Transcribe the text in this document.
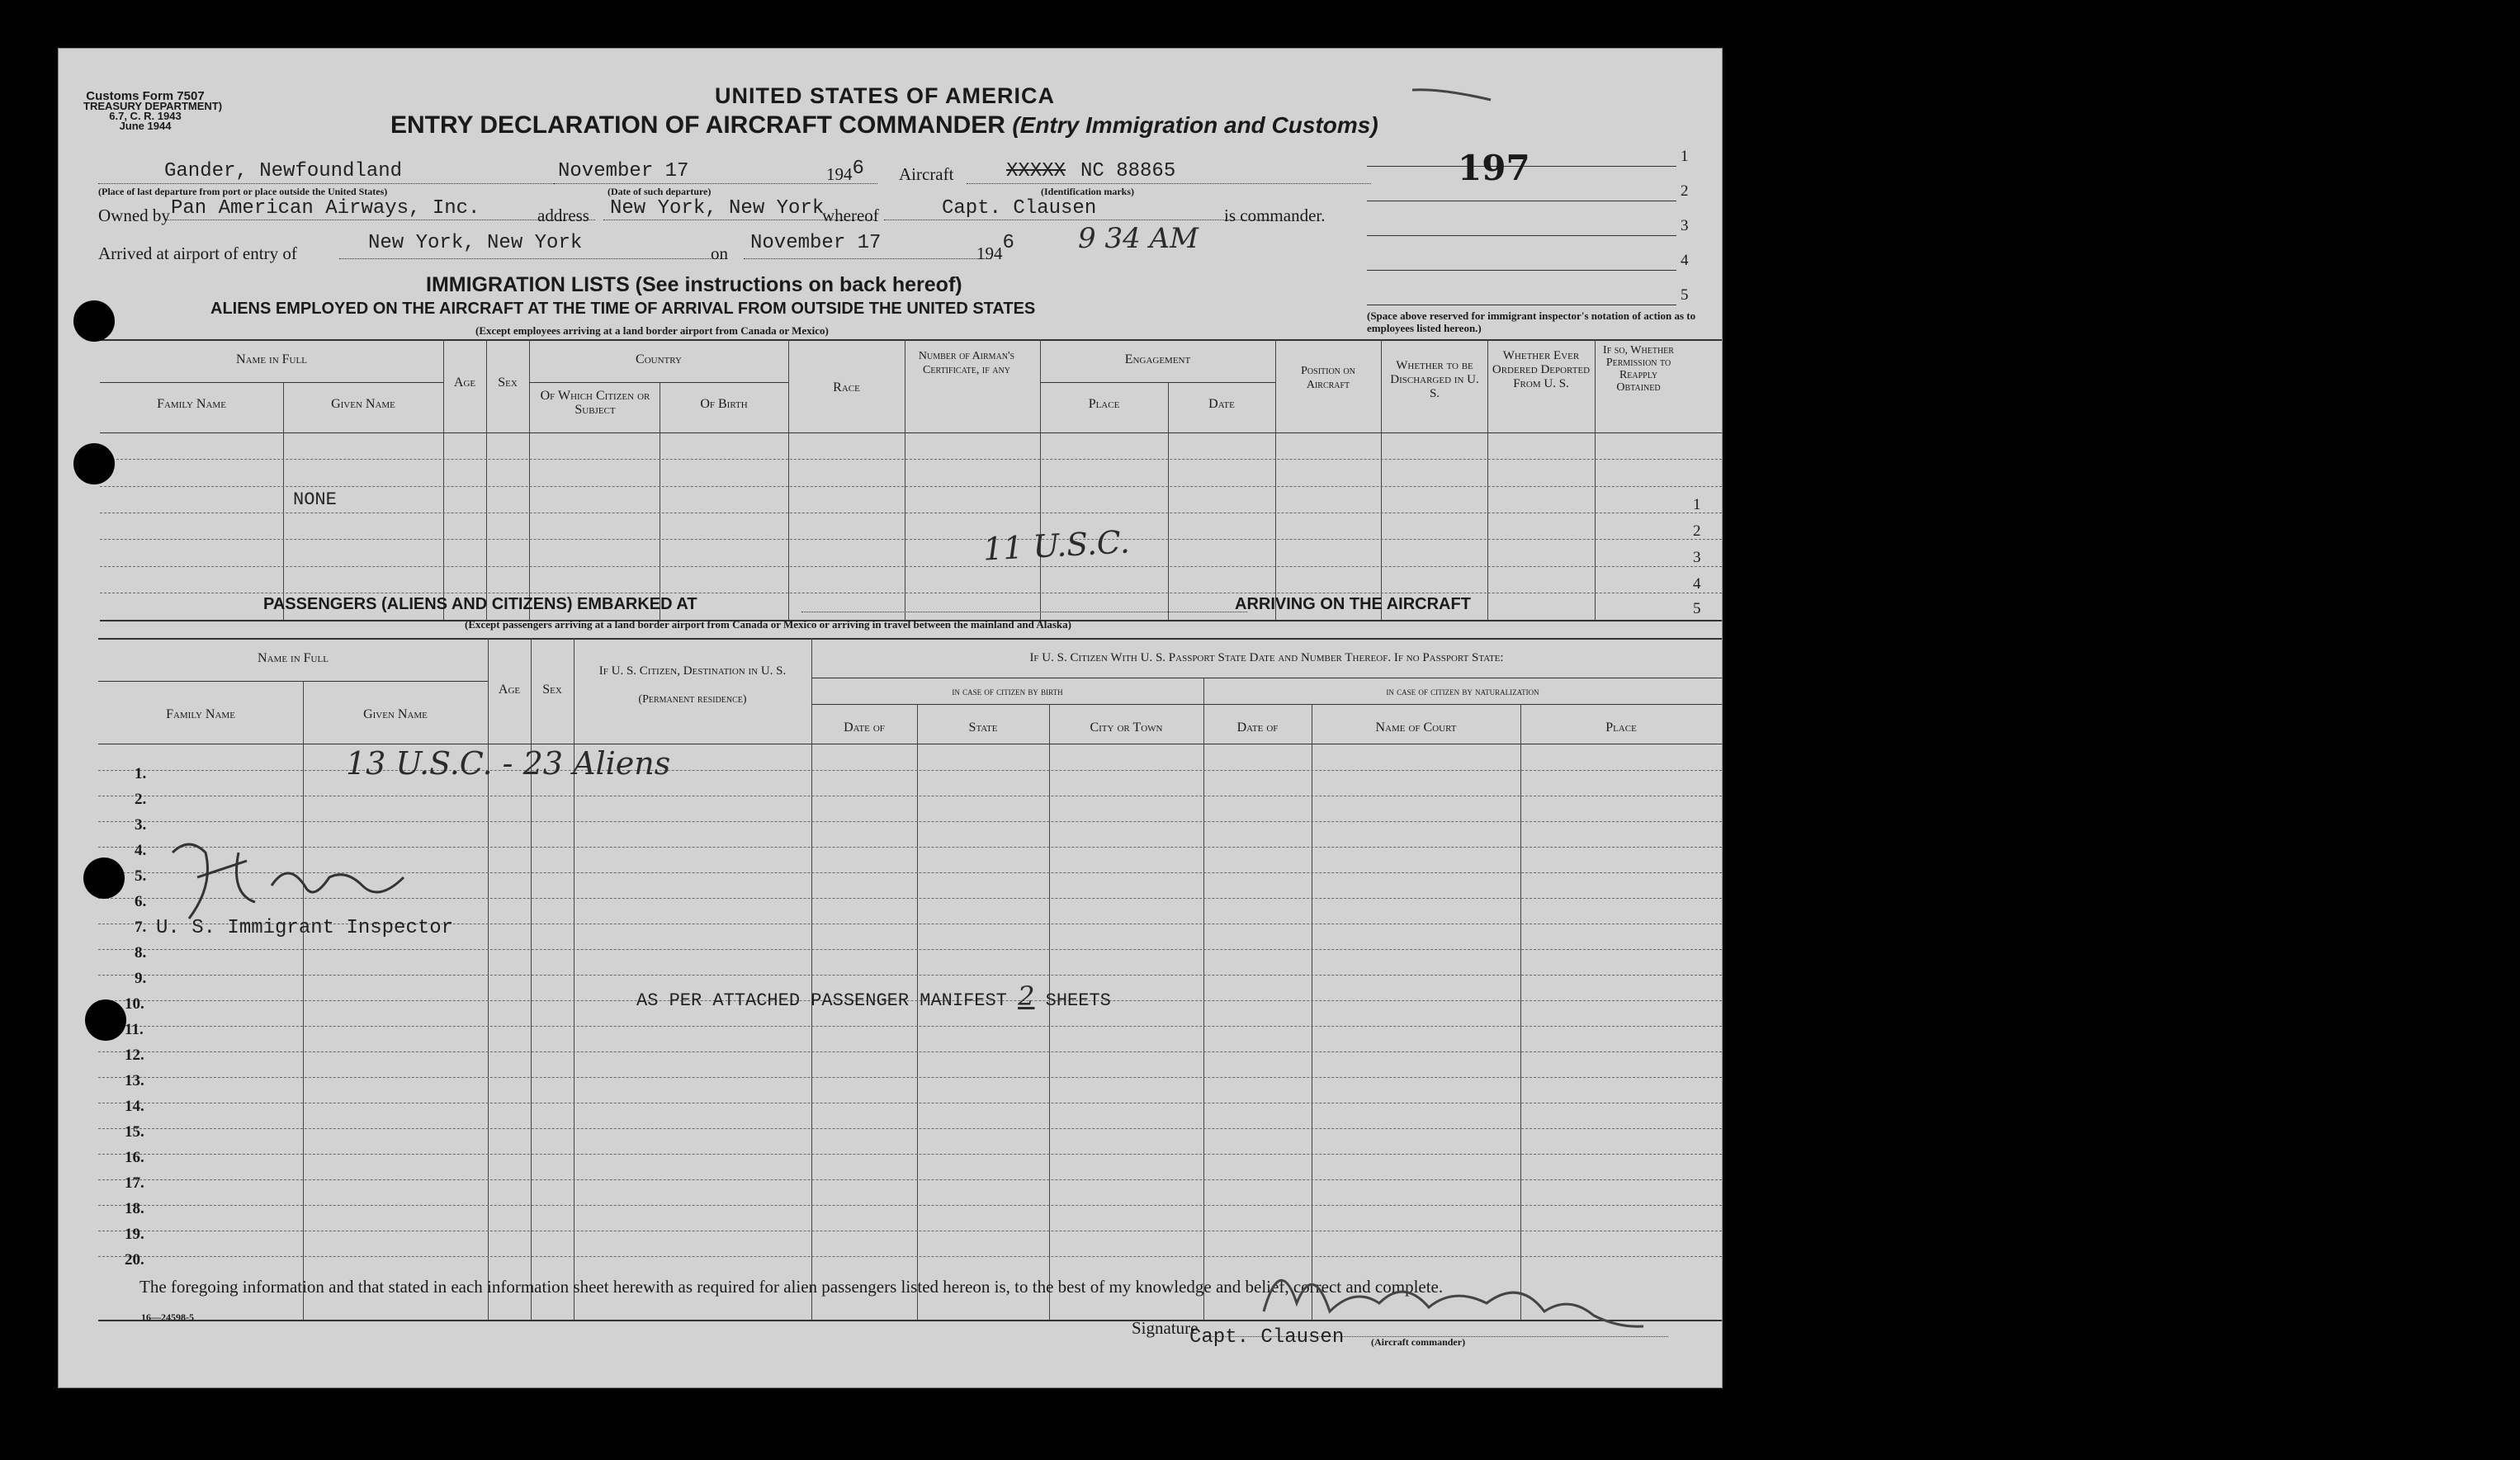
Customs Form 7507
TREASURY DEPARTMENT)
6.7, C. R. 1943
June 1944
UNITED STATES OF AMERICA
ENTRY DECLARATION OF AIRCRAFT COMMANDER (Entry Immigration and Customs)
Gander, Newfoundland
(Place of last departure from port or place outside the United States)
November 17
(Date of such departure)
1946 Aircraft	XXXXX NC 88865
(Identification marks)
Owned by Pan American Airways, Inc.	address New York, New York
whereof	Capt. Clausen	is commander.
Arrived at airport of entry of	New York, New York	on November 17	1946 9 34 AM
1
2
3
4
5
197
(Space above reserved for immigrant inspector's notation of action as to employees listed hereon.)
IMMIGRATION LISTS (See instructions on back hereof)
ALIENS EMPLOYED ON THE AIRCRAFT AT THE TIME OF ARRIVAL FROM OUTSIDE THE UNITED STATES
(Except employees arriving at a land border airport from Canada or Mexico)
Name in Full
Family Name	Given Name
Age	Sex
Country
Of Which Citizen or Subject	Of Birth
Race
Number of Airman's Certificate, if any
Engagement
Place	Date
Position on Aircraft
Whether to be Discharged in U. S.
Whether Ever Ordered Deported From U. S.
If so, Whether Permission to Reapply Obtained
NONE
11 U.S.C.
1
2
3
4
5
PASSENGERS (ALIENS AND CITIZENS) EMBARKED AT	ARRIVING ON THE AIRCRAFT
(Except passengers arriving at a land border airport from Canada or Mexico or arriving in travel between the mainland and Alaska)
Name in Full
Family Name	Given Name
Age	Sex
If U. S. Citizen, Destination in U. S.
(Permanent residence)
If U. S. Citizen With U. S. Passport State Date and Number Thereof. If no Passport State:
in case of citizen by birth	in case of citizen by naturalization
Date of	State	City or Town	Date of	Name of Court	Place
1.
2.
3.
4.
5.
6.
7.
8.
9.
10.
11.
12.
13.
14.
15.
16.
17.
18.
19.
20.
13 U.S.C. - 23 Aliens
U. S. Immigrant Inspector
AS PER ATTACHED PASSENGER MANIFEST 2 SHEETS
The foregoing information and that stated in each information sheet herewith as required for alien passengers listed hereon is, to the best of my knowledge and belief, correct and complete.
16—24598-5
Signature
Capt. Clausen	(Aircraft commander)
